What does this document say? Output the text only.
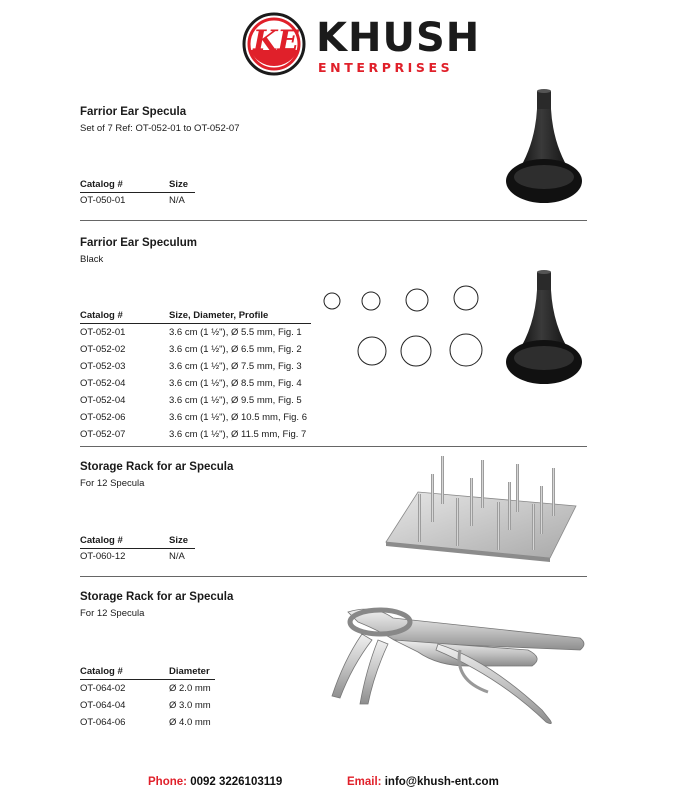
KE KHUSH
ENTERPRISES
Farrior Ear Specula
Set of 7 Ref: OT-052-01 to OT-052-07
Catalog #	Size
OT-050-01	N/A
Farrior Ear Speculum
Black
Catalog #	Size, Diameter, Profile
OT-052-01	3.6 cm (1 ½"), Ø 5.5 mm, Fig. 1
OT-052-02	3.6 cm (1 ½"), Ø 6.5 mm, Fig. 2
OT-052-03	3.6 cm (1 ½"), Ø 7.5 mm, Fig. 3
OT-052-04	3.6 cm (1 ½"), Ø 8.5 mm, Fig. 4
OT-052-04	3.6 cm (1 ½"), Ø 9.5 mm, Fig. 5
OT-052-06	3.6 cm (1 ½"), Ø 10.5 mm, Fig. 6
OT-052-07	3.6 cm (1 ½"), Ø 11.5 mm, Fig. 7
Storage Rack for ar Specula
For 12 Specula
Catalog #	Size
OT-060-12	N/A
Storage Rack for ar Specula
For 12 Specula
Catalog #	Diameter
OT-064-02	Ø 2.0 mm
OT-064-04	Ø 3.0 mm
OT-064-06	Ø 4.0 mm
Phone: 0092 3226103119	Email: info@khush-ent.com
